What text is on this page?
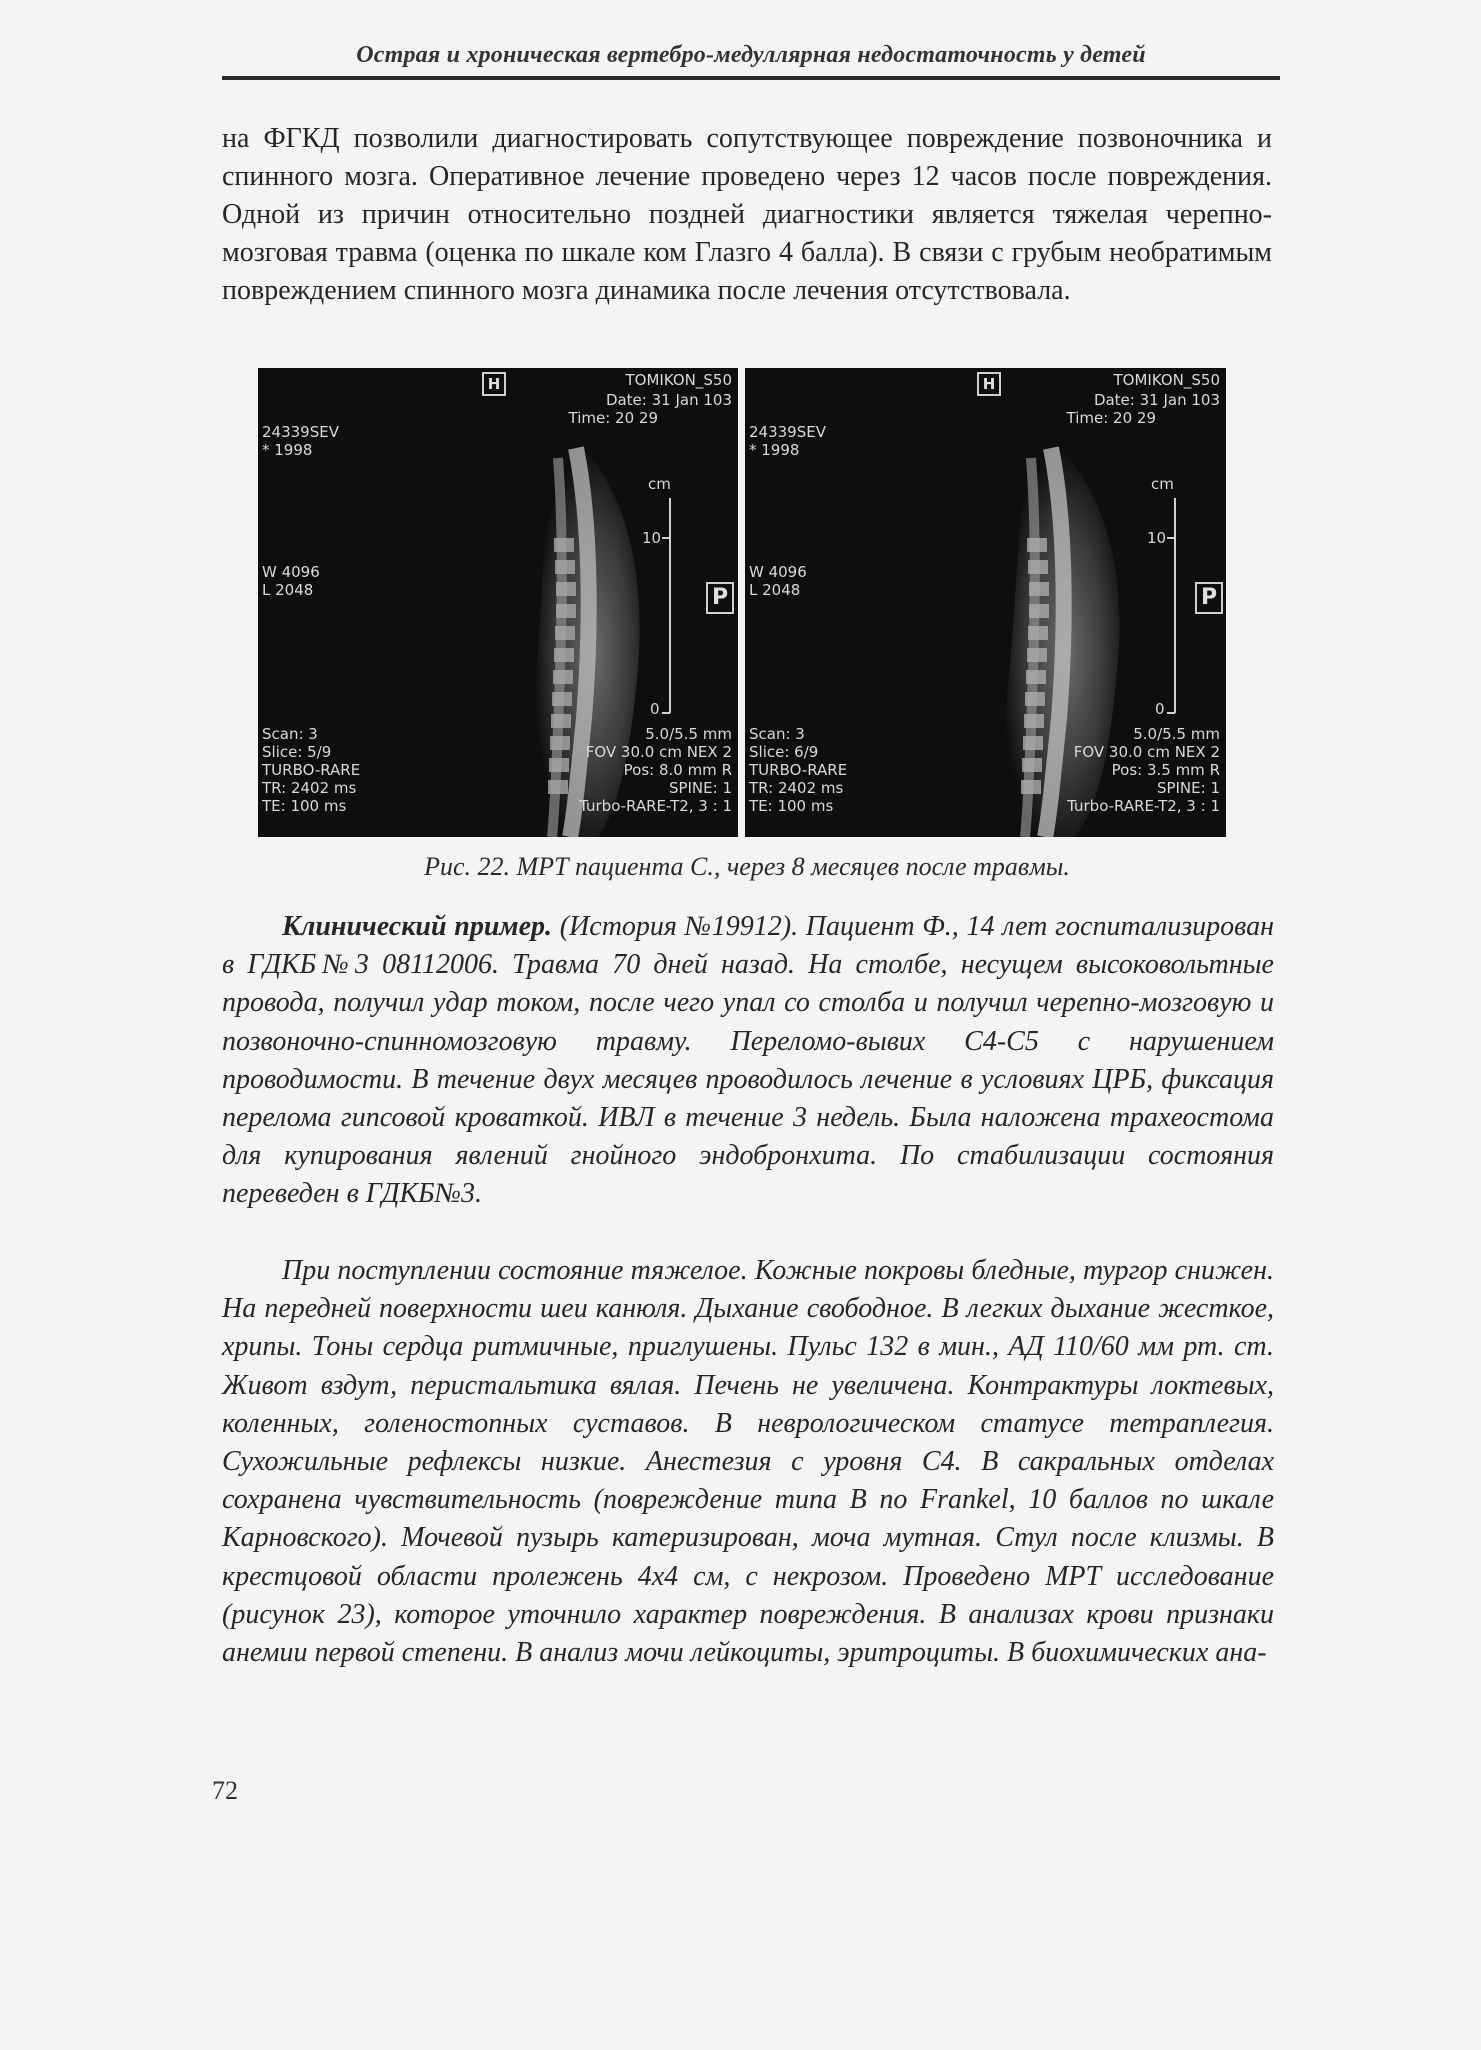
Острая и хроническая вертебро-медуллярная недостаточность у детей
на ФГКД позволили диагностировать сопутствующее повреждение позвоночника и спинного мозга. Оперативное лечение проведено через 12 часов после повреждения. Одной из причин относительно поздней диагностики является тяжелая черепно-мозговая травма (оценка по шкале ком Глазго 4 балла). В связи с грубым необратимым повреждением спинного мозга динамика после лечения отсутствовала.
H	TOMIKON_S50
Date: 31 Jan 103
Time: 20 29
24339SEV
* 1998
cm
10
0
W 4096
L 2048	P
Scan: 3
Slice: 5/9
TURBO-RARE
TR: 2402 ms
TE: 100 ms
5.0/5.5 mm
FOV 30.0 cm NEX 2
Pos: 8.0 mm R
SPINE: 1
Turbo-RARE-T2, 3 : 1
H	TOMIKON_S50
Date: 31 Jan 103
Time: 20 29
24339SEV
* 1998
cm
10
0
W 4096
L 2048	P
Scan: 3
Slice: 6/9
TURBO-RARE
TR: 2402 ms
TE: 100 ms
5.0/5.5 mm
FOV 30.0 cm NEX 2
Pos: 3.5 mm R
SPINE: 1
Turbo-RARE-T2, 3 : 1
Рис. 22. МРТ пациента С., через 8 месяцев после травмы.
Клинический пример. (История №19912). Пациент Ф., 14 лет госпитализирован в ГДКБ№3 08112006. Травма 70 дней назад. На столбе, несущем высоковольтные провода, получил удар током, после чего упал со столба и получил черепно-мозговую и позвоночно-спинномозговую травму. Переломо-вывих С4-С5 с нарушением проводимости. В течение двух месяцев проводилось лечение в условиях ЦРБ, фиксация перелома гипсовой кроваткой. ИВЛ в течение 3 недель. Была наложена трахеостома для купирования явлений гнойного эндобронхита. По стабилизации состояния переведен в ГДКБ№3.
При поступлении состояние тяжелое. Кожные покровы бледные, тургор снижен. На передней поверхности шеи канюля. Дыхание свободное. В легких дыхание жесткое, хрипы. Тоны сердца ритмичные, приглушены. Пульс 132 в мин., АД 110/60 мм рт. ст. Живот вздут, перистальтика вялая. Печень не увеличена. Контрактуры локтевых, коленных, голеностопных суставов. В неврологическом статусе тетраплегия. Сухожильные рефлексы низкие. Анестезия с уровня С4. В сакральных отделах сохранена чувствительность (повреждение типа В по Frankel, 10 баллов по шкале Карновского). Мочевой пузырь катеризирован, моча мутная. Стул после клизмы. В крестцовой области пролежень 4х4 см, с некрозом. Проведено МРТ исследование (рисунок 23), которое уточнило характер повреждения. В анализах крови признаки анемии первой степени. В анализ мочи лейкоциты, эритроциты. В биохимических ана-
72
